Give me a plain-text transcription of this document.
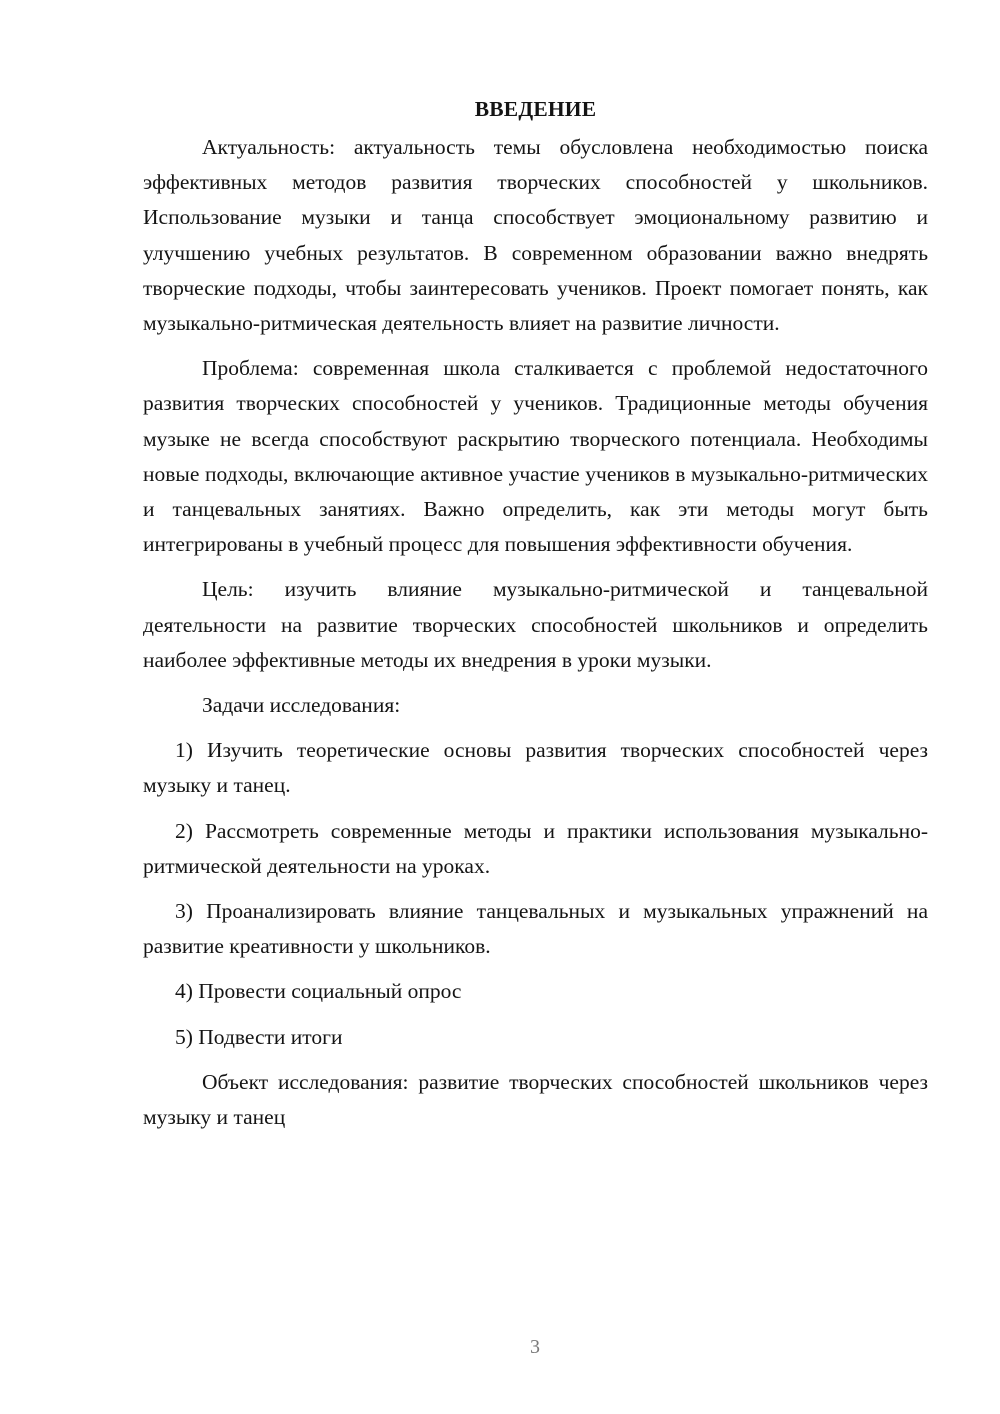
ВВЕДЕНИЕ

Актуальность: актуальность темы обусловлена необходимостью поиска эффективных методов развития творческих способностей у школьников. Использование музыки и танца способствует эмоциональному развитию и улучшению учебных результатов. В современном образовании важно внедрять творческие подходы, чтобы заинтересовать учеников. Проект помогает понять, как музыкально-ритмическая деятельность влияет на развитие личности.

Проблема: современная школа сталкивается с проблемой недостаточного развития творческих способностей у учеников. Традиционные методы обучения музыке не всегда способствуют раскрытию творческого потенциала. Необходимы новые подходы, включающие активное участие учеников в музыкально-ритмических и танцевальных занятиях. Важно определить, как эти методы могут быть интегрированы в учебный процесс для повышения эффективности обучения.

Цель: изучить влияние музыкально-ритмической и танцевальной деятельности на развитие творческих способностей школьников и определить наиболее эффективные методы их внедрения в уроки музыки.

Задачи исследования:

1) Изучить теоретические основы развития творческих способностей через музыку и танец.

2) Рассмотреть современные методы и практики использования музыкально-ритмической деятельности на уроках.

3) Проанализировать влияние танцевальных и музыкальных упражнений на развитие креативности у школьников.

4) Провести социальный опрос

5) Подвести итоги

Объект исследования: развитие творческих способностей школьников через музыку и танец

3
